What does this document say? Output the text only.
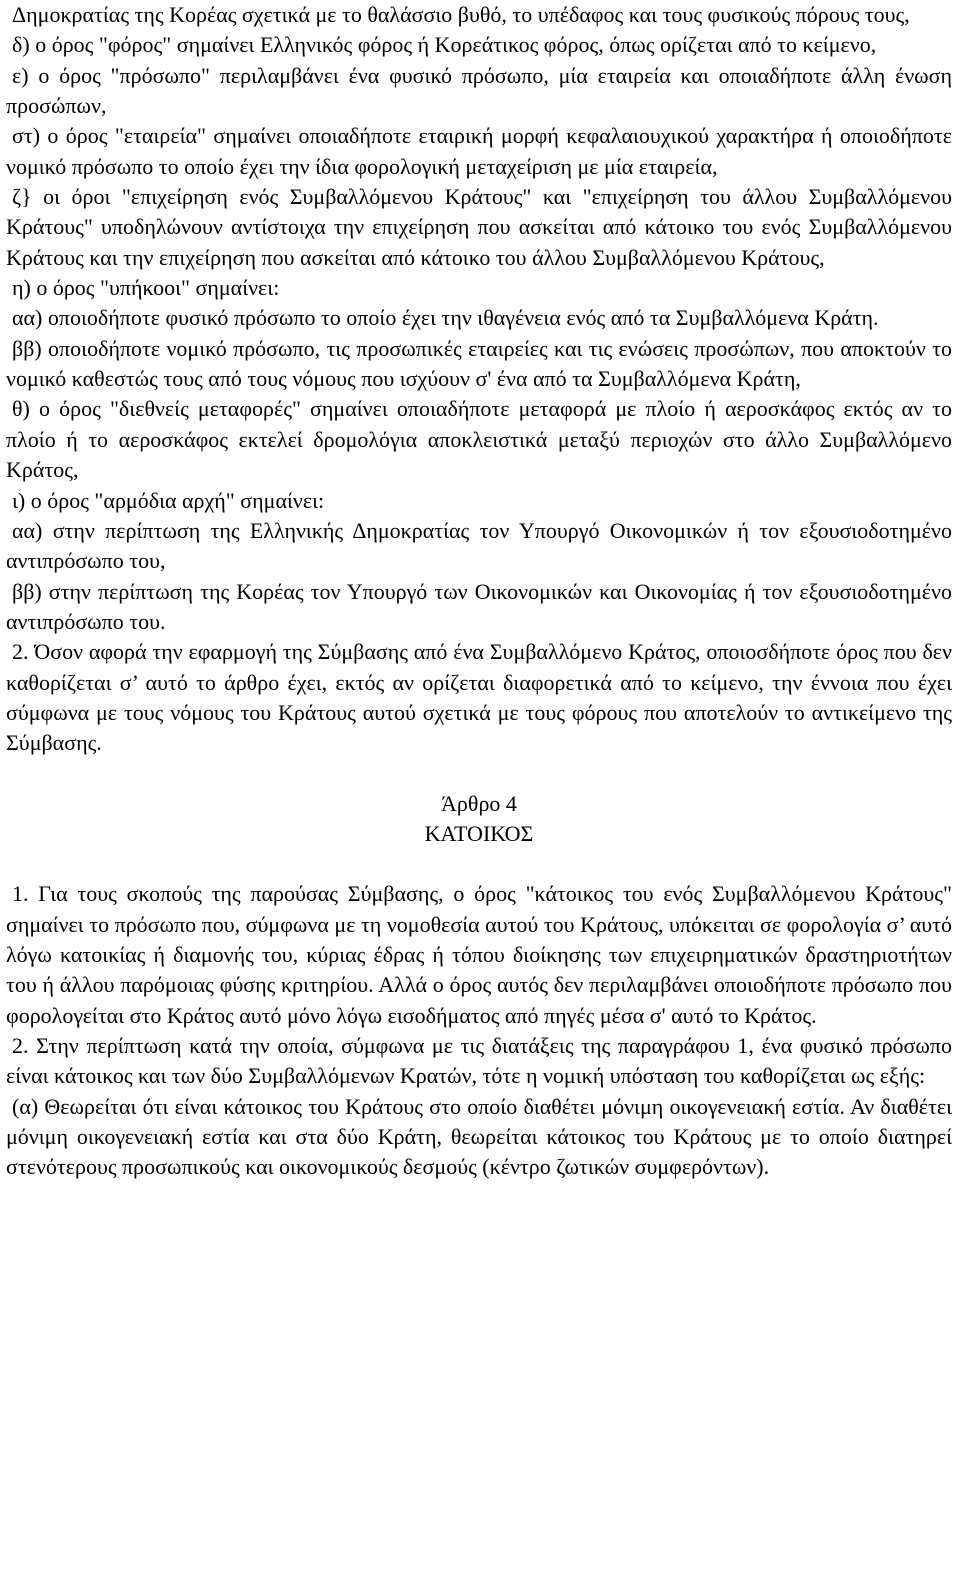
Δημοκρατίας της Κορέας σχετικά με το θαλάσσιο βυθό, το υπέδαφος και τους φυσικούς πόρους τους,

δ) ο όρος "φόρος" σημαίνει Ελληνικός φόρος ή Κορεάτικος φόρος, όπως ορίζεται από το κείμενο,

ε) ο όρος "πρόσωπο" περιλαμβάνει ένα φυσικό πρόσωπο, μία εταιρεία και οποιαδήποτε άλλη ένωση προσώπων,

στ) ο όρος "εταιρεία" σημαίνει οποιαδήποτε εταιρική μορφή κεφαλαιουχικού χαρακτήρα ή οποιοδήποτε νομικό πρόσωπο το οποίο έχει την ίδια φορολογική μεταχείριση με μία εταιρεία,

ζ} οι όροι "επιχείρηση ενός Συμβαλλόμενου Κράτους" και "επιχείρηση του άλλου Συμβαλλόμενου Κράτους" υποδηλώνουν αντίστοιχα την επιχείρηση που ασκείται από κάτοικο του ενός Συμβαλλόμενου Κράτους και την επιχείρηση που ασκείται από κάτοικο του άλλου Συμβαλλόμενου Κράτους,

η) ο όρος "υπήκοοι" σημαίνει:

αα) οποιοδήποτε φυσικό πρόσωπο το οποίο έχει την ιθαγένεια ενός από τα Συμβαλλόμενα Κράτη.

ββ) οποιοδήποτε νομικό πρόσωπο, τις προσωπικές εταιρείες και τις ενώσεις προσώπων, που αποκτούν το νομικό καθεστώς τους από τους νόμους που ισχύουν σ' ένα από τα Συμβαλλόμενα Κράτη,

θ) ο όρος "διεθνείς μεταφορές" σημαίνει οποιαδήποτε μεταφορά με πλοίο ή αεροσκάφος εκτός αν το πλοίο ή το αεροσκάφος εκτελεί δρομολόγια αποκλειστικά μεταξύ περιοχών στο άλλο Συμβαλλόμενο Κράτος,

ι) ο όρος "αρμόδια αρχή" σημαίνει:

αα) στην περίπτωση της Ελληνικής Δημοκρατίας τον Υπουργό Οικονομικών ή τον εξουσιοδοτημένο αντιπρόσωπο του,

ββ) στην περίπτωση της Κορέας τον Υπουργό των Οικονομικών και Οικονομίας ή τον εξουσιοδοτημένο αντιπρόσωπο του.

2. Όσον αφορά την εφαρμογή της Σύμβασης από ένα Συμβαλλόμενο Κράτος, οποιοσδήποτε όρος που δεν καθορίζεται σ’ αυτό το άρθρο έχει, εκτός αν ορίζεται διαφορετικά από το κείμενο, την έννοια που έχει σύμφωνα με τους νόμους του Κράτους αυτού σχετικά με τους φόρους που αποτελούν το αντικείμενο της Σύμβασης.

Άρθρο 4

ΚΑΤΟΙΚΟΣ

1. Για τους σκοπούς της παρούσας Σύμβασης, ο όρος "κάτοικος του ενός Συμβαλλόμενου Κράτους" σημαίνει το πρόσωπο που, σύμφωνα με τη νομοθεσία αυτού του Κράτους, υπόκειται σε φορολογία σ’ αυτό λόγω κατοικίας ή διαμονής του, κύριας έδρας ή τόπου διοίκησης των επιχειρηματικών δραστηριοτήτων του ή άλλου παρόμοιας φύσης κριτηρίου. Αλλά ο όρος αυτός δεν περιλαμβάνει οποιοδήποτε πρόσωπο που φορολογείται στο Κράτος αυτό μόνο λόγω εισοδήματος από πηγές μέσα σ' αυτό το Κράτος.

2. Στην περίπτωση κατά την οποία, σύμφωνα με τις διατάξεις της παραγράφου 1, ένα φυσικό πρόσωπο είναι κάτοικος και των δύο Συμβαλλόμενων Κρατών, τότε η νομική υπόσταση του καθορίζεται ως εξής:

(α) Θεωρείται ότι είναι κάτοικος του Κράτους στο οποίο διαθέτει μόνιμη οικογενειακή εστία. Αν διαθέτει μόνιμη οικογενειακή εστία και στα δύο Κράτη, θεωρείται κάτοικος του Κράτους με το οποίο διατηρεί στενότερους προσωπικούς και οικονομικούς δεσμούς (κέντρο ζωτικών συμφερόντων).
